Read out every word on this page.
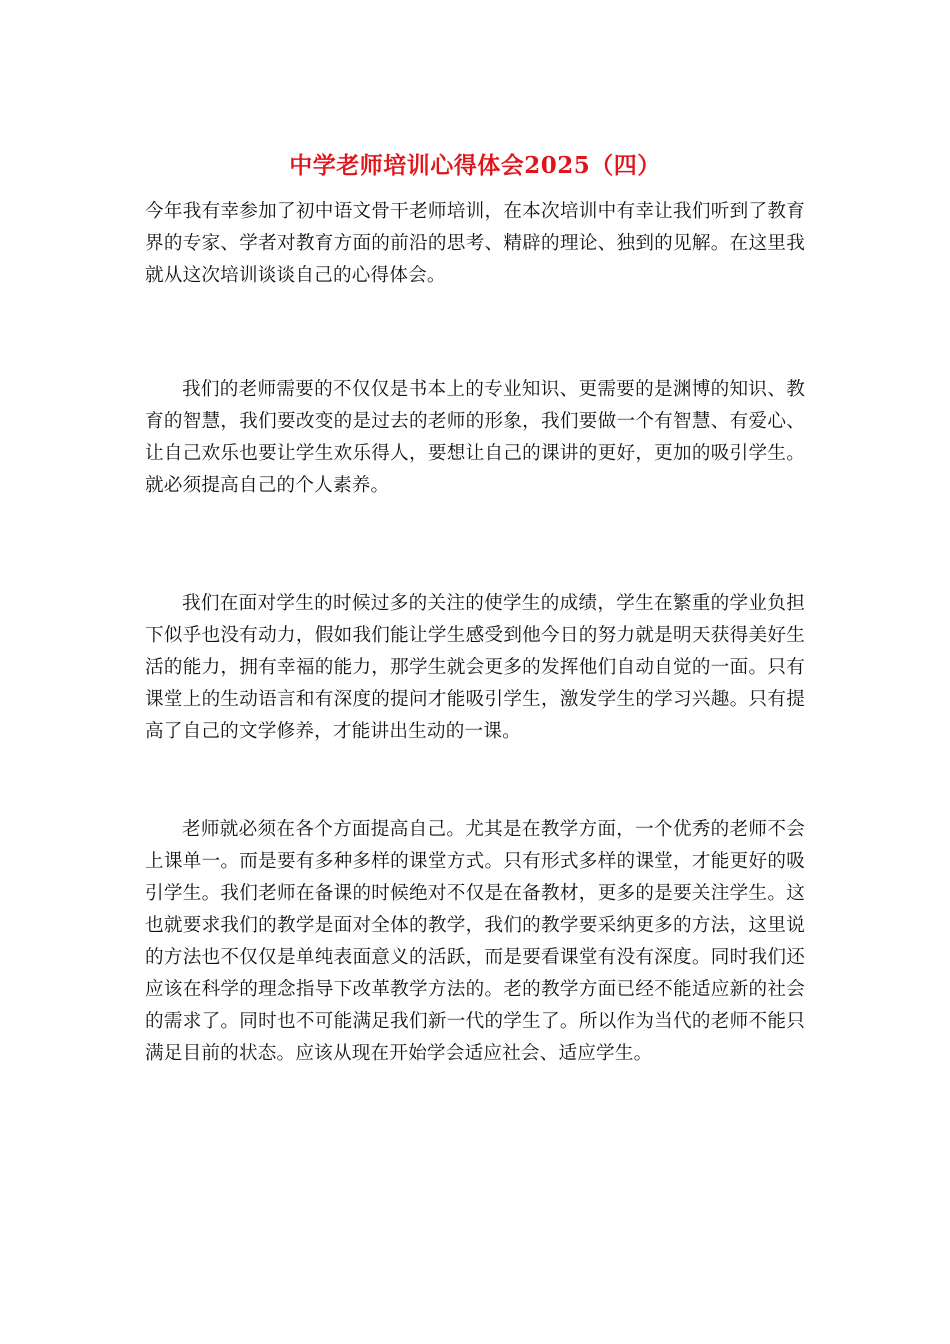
中学老师培训心得体会2025（四）

今年我有幸参加了初中语文骨干老师培训，在本次培训中有幸让我们听到了教育界的专家、学者对教育方面的前沿的思考、精辟的理论、独到的见解。在这里我就从这次培训谈谈自己的心得体会。

我们的老师需要的不仅仅是书本上的专业知识、更需要的是渊博的知识、教育的智慧，我们要改变的是过去的老师的形象，我们要做一个有智慧、有爱心、让自己欢乐也要让学生欢乐得人，要想让自己的课讲的更好，更加的吸引学生。就必须提高自己的个人素养。

我们在面对学生的时候过多的关注的使学生的成绩，学生在繁重的学业负担下似乎也没有动力，假如我们能让学生感受到他今日的努力就是明天获得美好生活的能力，拥有幸福的能力，那学生就会更多的发挥他们自动自觉的一面。只有课堂上的生动语言和有深度的提问才能吸引学生，激发学生的学习兴趣。只有提高了自己的文学修养，才能讲出生动的一课。

老师就必须在各个方面提高自己。尤其是在教学方面，一个优秀的老师不会上课单一。而是要有多种多样的课堂方式。只有形式多样的课堂，才能更好的吸引学生。我们老师在备课的时候绝对不仅是在备教材，更多的是要关注学生。这也就要求我们的教学是面对全体的教学，我们的教学要采纳更多的方法，这里说的方法也不仅仅是单纯表面意义的活跃，而是要看课堂有没有深度。同时我们还应该在科学的理念指导下改革教学方法的。老的教学方面已经不能适应新的社会的需求了。同时也不可能满足我们新一代的学生了。所以作为当代的老师不能只满足目前的状态。应该从现在开始学会适应社会、适应学生。
